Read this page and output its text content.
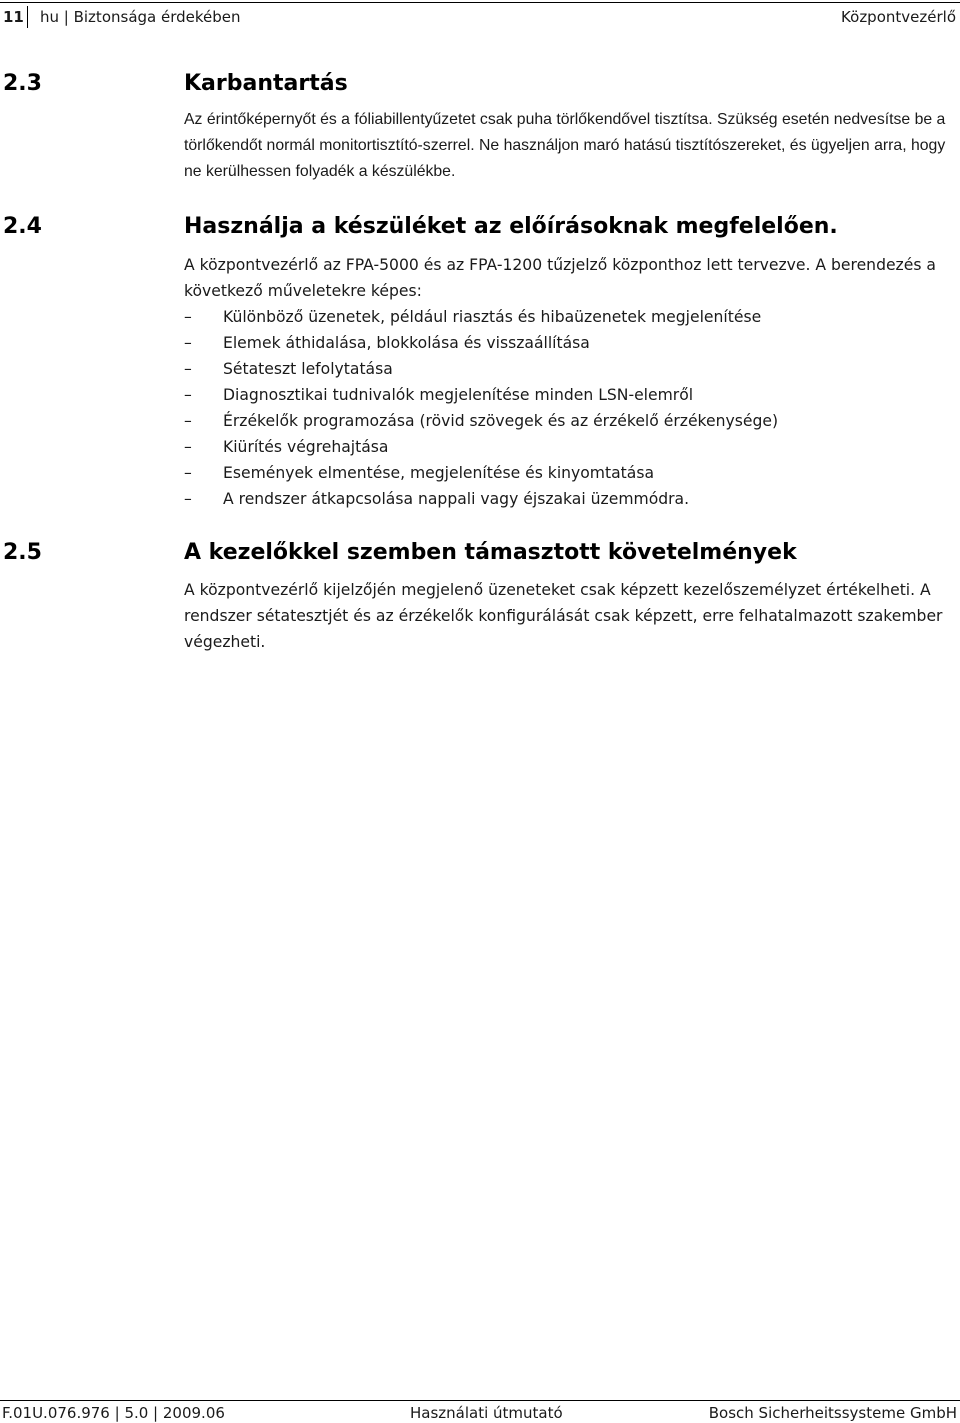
11 hu | Biztonsága érdekében	Központvezérlő
2.3	Karbantartás
Az érintőképernyőt és a fóliabillentyűzetet csak puha törlőkendővel tisztítsa. Szükség esetén nedvesítse be a törlőkendőt normál monitortisztító-szerrel. Ne használjon maró hatású tisztítószereket, és ügyeljen arra, hogy ne kerülhessen folyadék a készülékbe.
2.4	Használja a készüléket az előírásoknak megfelelően.
A központvezérlő az FPA-5000 és az FPA-1200 tűzjelző központhoz lett tervezve. A berendezés a következő műveletekre képes:
–	Különböző üzenetek, például riasztás és hibaüzenetek megjelenítése
–	Elemek áthidalása, blokkolása és visszaállítása
–	Sétateszt lefolytatása
–	Diagnosztikai tudnivalók megjelenítése minden LSN-elemről
–	Érzékelők programozása (rövid szövegek és az érzékelő érzékenysége)
–	Kiürítés végrehajtása
–	Események elmentése, megjelenítése és kinyomtatása
–	A rendszer átkapcsolása nappali vagy éjszakai üzemmódra.
2.5	A kezelőkkel szemben támasztott követelmények
A központvezérlő kijelzőjén megjelenő üzeneteket csak képzett kezelőszemélyzet értékelheti. A rendszer sétatesztjét és az érzékelők konfigurálását csak képzett, erre felhatalmazott szakember végezheti.
F.01U.076.976 | 5.0 | 2009.06	Használati útmutató	Bosch Sicherheitssysteme GmbH
